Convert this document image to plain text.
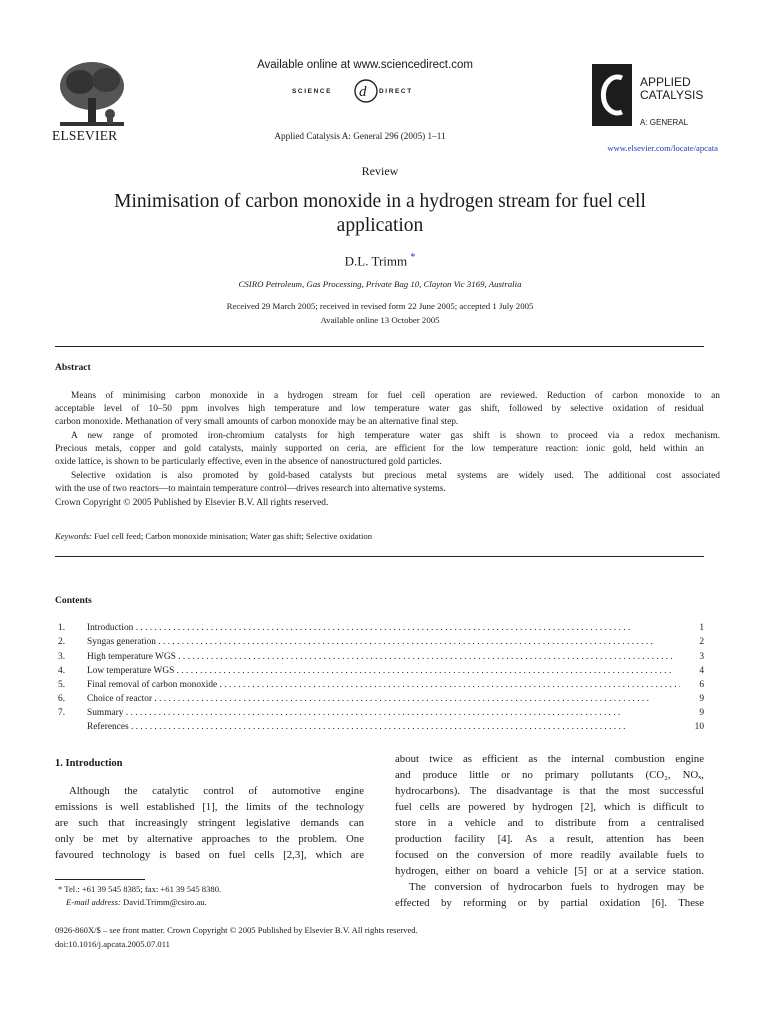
ELSEVIER
Available online at www.sciencedirect.com
d
SCIENCE	DIRECT
Applied Catalysis A: General 296 (2005) 1–11
APPLIED
CATALYSIS
A: GENERAL
www.elsevier.com/locate/apcata
Review
Minimisation of carbon monoxide in a hydrogen stream for fuel cell application
D.L. Trimm *
CSIRO Petroleum, Gas Processing, Private Bag 10, Clayton Vic 3169, Australia
Received 29 March 2005; received in revised form 22 June 2005; accepted 1 July 2005
Available online 13 October 2005
Abstract
Means of minimising carbon monoxide in a hydrogen stream for fuel cell operation are reviewed. Reduction of carbon monoxide to an
acceptable level of 10–50 ppm involves high temperature and low temperature water gas shift, followed by selective oxidation of residual
carbon monoxide. Methanation of very small amounts of carbon monoxide may be an alternative final step.
A new range of promoted iron-chromium catalysts for high temperature water gas shift is shown to proceed via a redox mechanism.
Precious metals, copper and gold catalysts, mainly supported on ceria, are efficient for the low temperature reaction: ionic gold, held within an
oxide lattice, is shown to be particularly effective, even in the absence of nanostructured gold particles.
Selective oxidation is also promoted by gold-based catalysts but precious metal systems are widely used. The additional cost associated
with the use of two reactors—to maintain temperature control—drives research into alternative systems.
Crown Copyright © 2005 Published by Elsevier B.V. All rights reserved.
Keywords: Fuel cell feed; Carbon monoxide minisation; Water gas shift; Selective oxidation
Contents
1. Introduction . . .	1
2. Syngas generation . . .	2
3. High temperature WGS . . .	3
4. Low temperature WGS . . .	4
5. Final removal of carbon monoxide . . .	6
6. Choice of reactor . . .	9
7. Summary . . .	9
References . . .	10
1. Introduction
Although the catalytic control of automotive engine
emissions is well established [1], the limits of the technology
are such that increasingly stringent legislative demands can
only be met by alternative approaches to the problem. One
favoured technology is based on fuel cells [2,3], which are
* Tel.: +61 39 545 8385; fax: +61 39 545 8380.
E-mail address: David.Trimm@csiro.au.
about twice as efficient as the internal combustion engine
and produce little or no primary pollutants (CO₂, NOₓ,
hydrocarbons). The disadvantage is that the most successful
fuel cells are powered by hydrogen [2], which is difficult to
store in a vehicle and to distribute from a centralised
production facility [4]. As a result, attention has been
focused on the conversion of more readily available fuels to
hydrogen, either on board a vehicle [5] or at a service station.
The conversion of hydrocarbon fuels to hydrogen may be
effected by reforming or by partial oxidation [6]. These
0926-860X/$ – see front matter. Crown Copyright © 2005 Published by Elsevier B.V. All rights reserved.
doi:10.1016/j.apcata.2005.07.011
